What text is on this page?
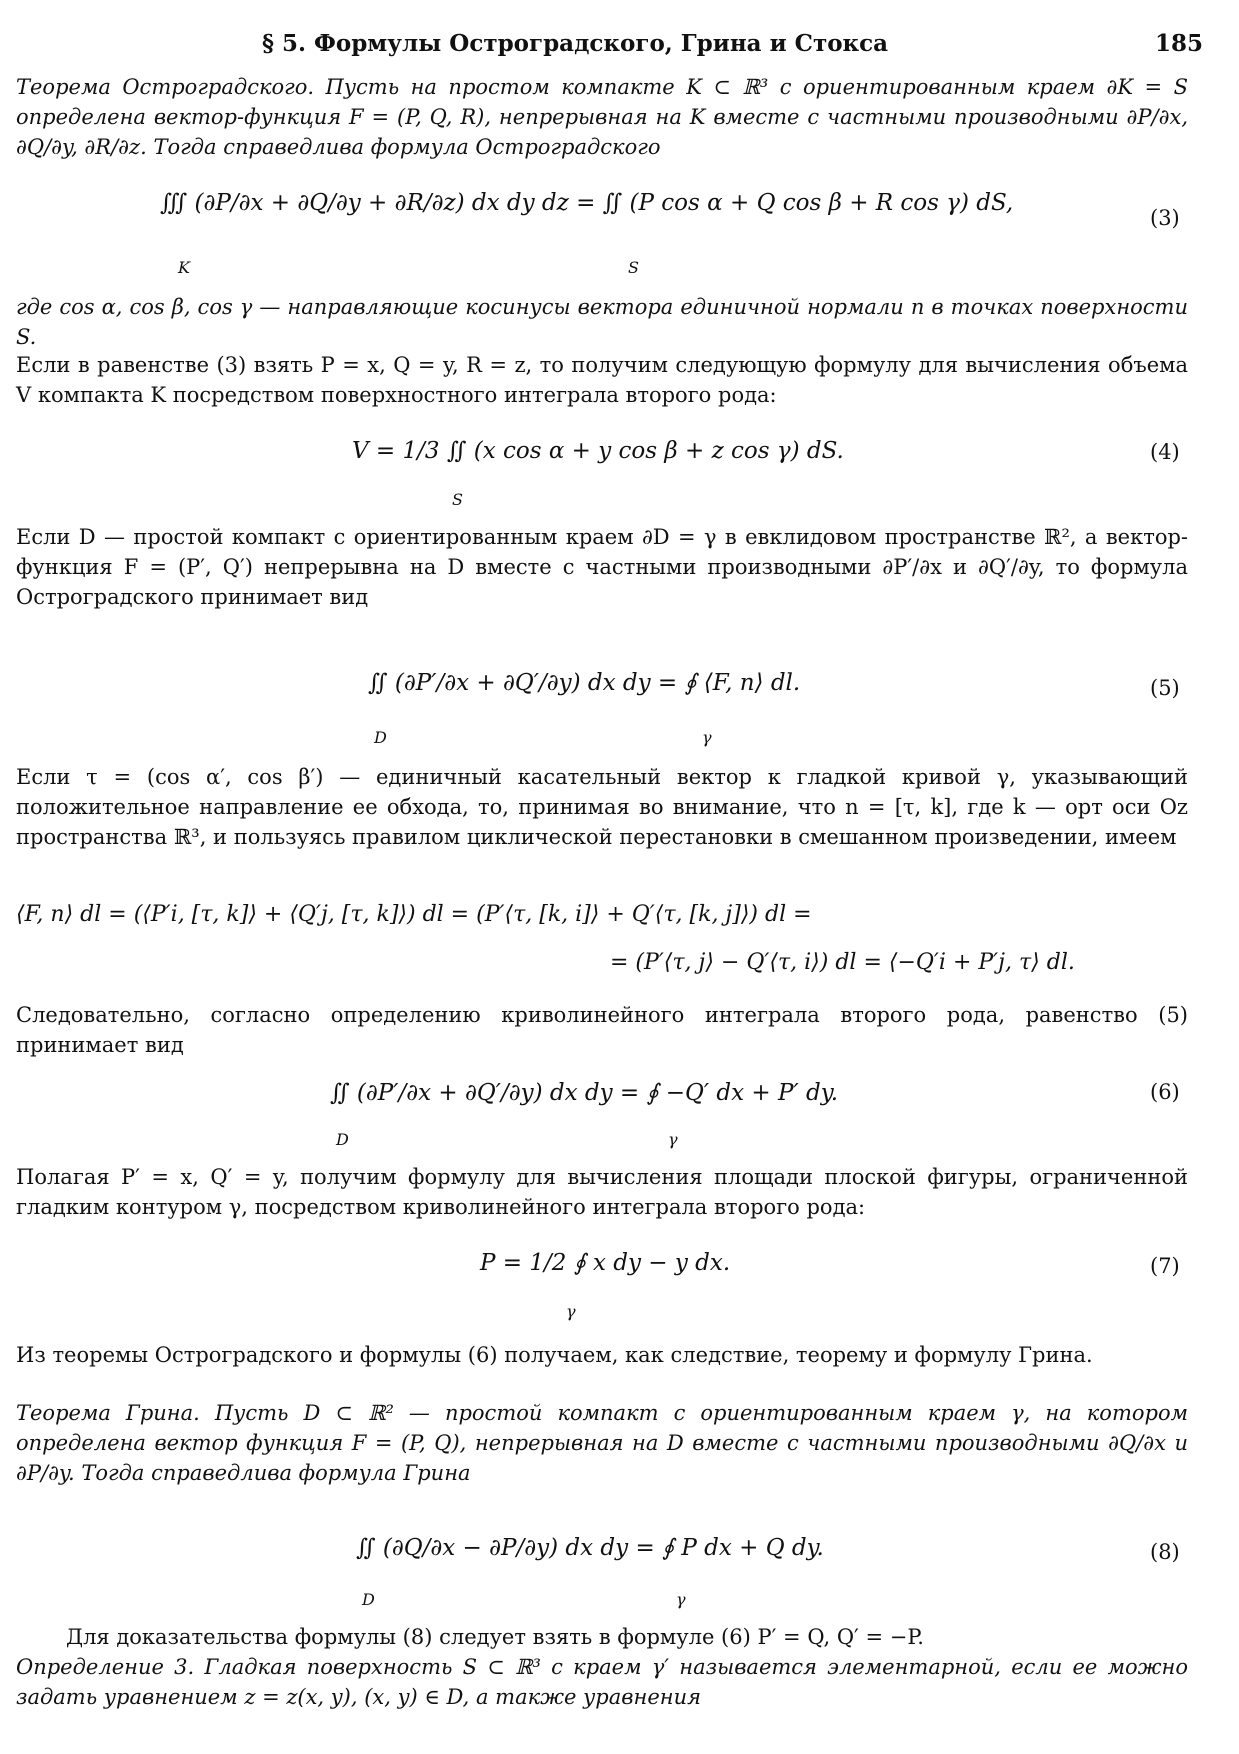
§ 5. Формулы Остроградского, Грина и Стокса	185
Теорема Остроградского. Пусть на простом компакте K ⊂ ℝ³ с ориентированным краем ∂K = S определена вектор-функция F = (P, Q, R), непрерывная на K вместе с частными производными ∂P/∂x, ∂Q/∂y, ∂R/∂z. Тогда справедлива формула Остроградского
∭ (∂P/∂x + ∂Q/∂y + ∂R/∂z) dx dy dz = ∬ (P cos α + Q cos β + R cos γ) dS,
K	S
(3)
где cos α, cos β, cos γ — направляющие косинусы вектора единичной нормали n в точках поверхности S.
Если в равенстве (3) взять P = x, Q = y, R = z, то получим следующую формулу для вычисления объема V компакта K посредством поверхностного интеграла второго рода:
V = 1/3 ∬ (x cos α + y cos β + z cos γ) dS.
S
(4)
Если D — простой компакт с ориентированным краем ∂D = γ в евклидовом пространстве ℝ², а вектор-функция F = (P′, Q′) непрерывна на D вместе с частными производными ∂P′/∂x и ∂Q′/∂y, то формула Остроградского принимает вид
∬ (∂P′/∂x + ∂Q′/∂y) dx dy = ∮ ⟨F, n⟩ dl.
D	γ
(5)
Если τ = (cos α′, cos β′) — единичный касательный вектор к гладкой кривой γ, указывающий положительное направление ее обхода, то, принимая во внимание, что n = [τ, k], где k — орт оси Oz пространства ℝ³, и пользуясь правилом циклической перестановки в смешанном произведении, имеем
⟨F, n⟩ dl = (⟨P′i, [τ, k]⟩ + ⟨Q′j, [τ, k]⟩) dl = (P′⟨τ, [k, i]⟩ + Q′⟨τ, [k, j]⟩) dl =
= (P′⟨τ, j⟩ − Q′⟨τ, i⟩) dl = ⟨−Q′i + P′j, τ⟩ dl.
Следовательно, согласно определению криволинейного интеграла второго рода, равенство (5) принимает вид
∬ (∂P′/∂x + ∂Q′/∂y) dx dy = ∮ −Q′ dx + P′ dy.
D	γ
(6)
Полагая P′ = x, Q′ = y, получим формулу для вычисления площади плоской фигуры, ограниченной гладким контуром γ, посредством криволинейного интеграла второго рода:
P = 1/2 ∮ x dy − y dx.
γ
(7)
Из теоремы Остроградского и формулы (6) получаем, как следствие, теорему и формулу Грина.
Теорема Грина. Пусть D ⊂ ℝ² — простой компакт с ориентированным краем γ, на котором определена вектор функция F = (P, Q), непрерывная на D вместе с частными производными ∂Q/∂x и ∂P/∂y. Тогда справедлива формула Грина
∬ (∂Q/∂x − ∂P/∂y) dx dy = ∮ P dx + Q dy.
D	γ
(8)
Для доказательства формулы (8) следует взять в формуле (6) P′ = Q, Q′ = −P.
Определение 3. Гладкая поверхность S ⊂ ℝ³ с краем γ′ называется элементарной, если ее можно задать уравнением z = z(x, y), (x, y) ∈ D, а также уравнения
